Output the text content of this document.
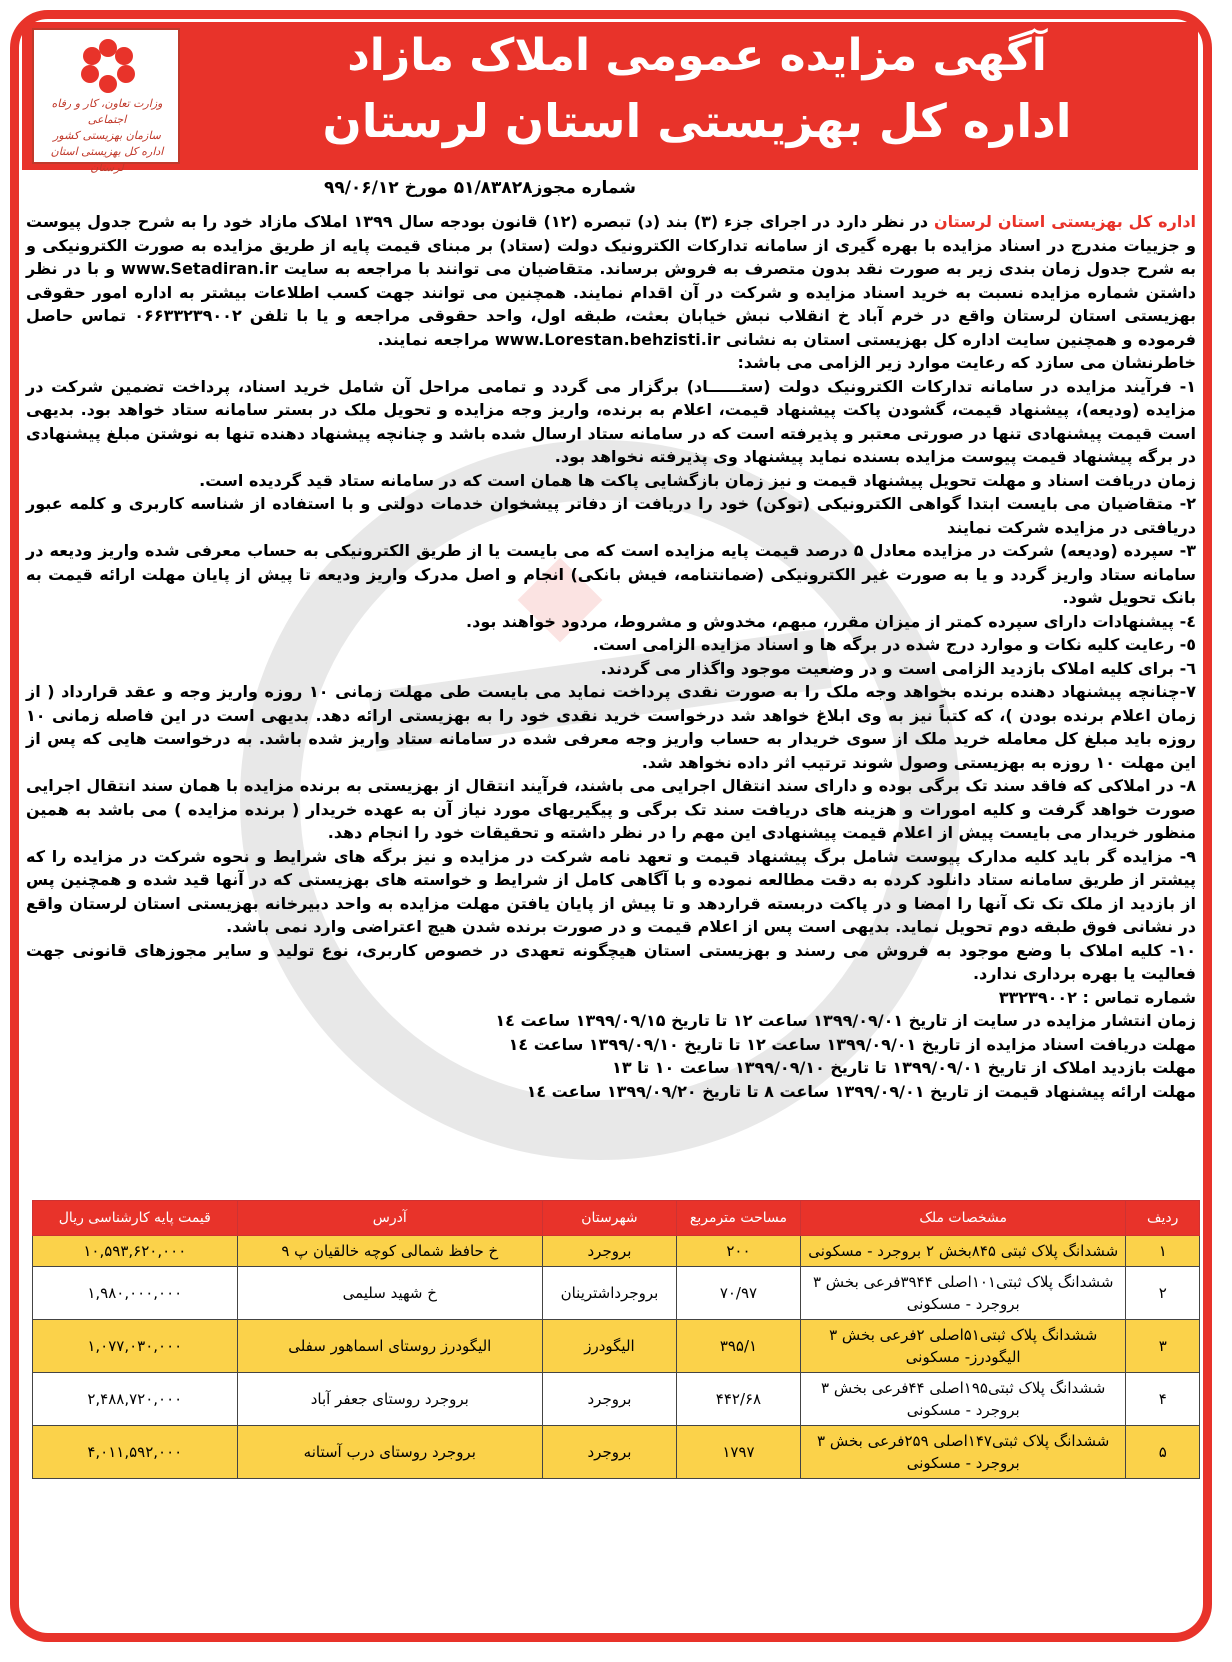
آگهی مزایده عمومی املاک مازاد
اداره کل بهزیستی استان لرستان
وزارت تعاون، کار و رفاه اجتماعی
سازمان بهزیستی کشور
اداره کل بهزیستی استان لرستان
شماره مجوز۵۱/۸۳۸۲۸ مورخ ۹۹/۰۶/۱۲

اداره کل بهزیستی استان لرستان در نظر دارد در اجرای جزء (۳) بند (د) تبصره (۱۲) قانون بودجه سال ۱۳۹۹ املاک مازاد خود را به شرح جدول پیوست و جزییات مندرج در اسناد مزایده با بهره گیری از سامانه تدارکات الکترونیک دولت (ستاد) بر مبنای قیمت پایه از طریق مزایده به صورت الکترونیکی و به شرح جدول زمان بندی زیر به صورت نقد بدون متصرف به فروش برساند. متقاضیان می توانند با مراجعه به سایت www.Setadiran.ir و با در نظر داشتن شماره مزایده نسبت به خرید اسناد مزایده و شرکت در آن اقدام نمایند. همچنین می توانند جهت کسب اطلاعات بیشتر به اداره امور حقوقی بهزیستی استان لرستان واقع در خرم آباد خ انقلاب نبش خیابان بعثت، طبقه اول، واحد حقوقی مراجعه و یا با تلفن ۰۶۶۳۳۲۳۹۰۰۲ تماس حاصل فرموده و همچنین سایت اداره کل بهزیستی استان به نشانی www.Lorestan.behzisti.ir مراجعه نمایند.

خاطرنشان می سازد که رعایت موارد زیر الزامی می باشد:

۱- فرآیند مزایده در سامانه تدارکات الکترونیک دولت (ستــــــاد) برگزار می گردد و تمامی مراحل آن شامل خرید اسناد، پرداخت تضمین شرکت در مزایده (ودیعه)، پیشنهاد قیمت، گشودن پاکت پیشنهاد قیمت، اعلام به برنده، واریز وجه مزایده و تحویل ملک در بستر سامانه ستاد خواهد بود. بدیهی است قیمت پیشنهادی تنها در صورتی معتبر و پذیرفته است که در سامانه ستاد ارسال شده باشد و چنانچه پیشنهاد دهنده تنها به نوشتن مبلغ پیشنهادی در برگه پیشنهاد قیمت پیوست مزایده بسنده نماید پیشنهاد وی پذیرفته نخواهد بود.

زمان دریافت اسناد و مهلت تحویل پیشنهاد قیمت و نیز زمان بازگشایی پاکت ها همان است که در سامانه ستاد قید گردیده است.

۲- متقاضیان می بایست ابتدا گواهی الکترونیکی (توکن) خود را دریافت از دفاتر پیشخوان خدمات دولتی و با استفاده از شناسه کاربری و کلمه عبور دریافتی در مزایده شرکت نمایند

۳- سپرده (ودیعه) شرکت در مزایده معادل ۵ درصد قیمت پایه مزایده است که می بایست یا از طریق الکترونیکی به حساب معرفی شده واریز ودیعه در سامانه ستاد واریز گردد و یا به صورت غیر الکترونیکی (ضمانتنامه، فیش بانکی) انجام و اصل مدرک واریز ودیعه تا پیش از پایان مهلت ارائه قیمت به بانک تحویل شود.

٤- پیشنهادات دارای سپرده کمتر از میزان مقرر، مبهم، مخدوش و مشروط، مردود خواهند بود.

٥- رعایت کلیه نکات و موارد درج شده در برگه ها و اسناد مزایده الزامی است.

٦- برای کلیه املاک بازدید الزامی است و در وضعیت موجود واگذار می گردند.

۷-چنانچه پیشنهاد دهنده برنده بخواهد وجه ملک را به صورت نقدی پرداخت نماید می بایست طی مهلت زمانی ۱۰ روزه واریز وجه و عقد قرارداد ( از زمان اعلام برنده بودن )، که کتباً نیز به وی ابلاغ خواهد شد درخواست خرید نقدی خود را به بهزیستی ارائه دهد. بدیهی است در این فاصله زمانی ۱۰ روزه باید مبلغ کل معامله خرید ملک از سوی خریدار به حساب واریز وجه معرفی شده در سامانه ستاد واریز شده باشد. به درخواست هایی که پس از این مهلت ۱۰ روزه به بهزیستی وصول شوند ترتیب اثر داده نخواهد شد.

۸- در املاکی که فاقد سند تک برگی بوده و دارای سند انتقال اجرایی می باشند، فرآیند انتقال از بهزیستی به برنده مزایده با همان سند انتقال اجرایی صورت خواهد گرفت و کلیه امورات و هزینه های دریافت سند تک برگی و پیگیریهای مورد نیاز آن به عهده خریدار ( برنده مزایده ) می باشد به همین منظور خریدار می بایست پیش از اعلام قیمت پیشنهادی این مهم را در نظر داشته و تحقیقات خود را انجام دهد.

۹- مزایده گر باید کلیه مدارک پیوست شامل برگ پیشنهاد قیمت و تعهد نامه شرکت در مزایده و نیز برگه های شرایط و نحوه شرکت در مزایده را که پیشتر از طریق سامانه ستاد دانلود کرده به دقت مطالعه نموده و با آگاهی کامل از شرایط و خواسته های بهزیستی که در آنها قید شده و همچنین پس از بازدید از ملک تک تک آنها را امضا و در پاکت دربسته قراردهد و تا پیش از پایان یافتن مهلت مزایده به واحد دبیرخانه بهزیستی استان لرستان واقع در نشانی فوق طبقه دوم تحویل نماید. بدیهی است پس از اعلام قیمت و در صورت برنده شدن هیچ اعتراضی وارد نمی باشد.

۱۰- کلیه املاک با وضع موجود به فروش می رسند و بهزیستی استان هیچگونه تعهدی در خصوص کاربری، نوع تولید و سایر مجوزهای قانونی جهت فعالیت یا بهره برداری ندارد.

شماره تماس : ۳۳۲۳۹۰۰۲

زمان انتشار مزایده در سایت از تاریخ ۱۳۹۹/۰۹/۰۱ ساعت ۱۲ تا تاریخ ۱۳۹۹/۰۹/۱۵ ساعت ١٤

مهلت دریافت اسناد مزایده از تاریخ ۱۳۹۹/۰۹/۰۱ ساعت ۱۲ تا تاریخ ۱۳۹۹/۰۹/۱۰ ساعت ١٤

مهلت بازدید املاک از تاریخ ۱۳۹۹/۰۹/۰۱ تا تاریخ ۱۳۹۹/۰۹/۱۰ ساعت ۱۰ تا ۱۳

مهلت ارائه پیشنهاد قیمت از تاریخ ۱۳۹۹/۰۹/۰۱ ساعت ۸ تا تاریخ ۱۳۹۹/۰۹/۲۰ ساعت ١٤

ردیف	مشخصات ملک	مساحت مترمربع	شهرستان	آدرس	قیمت پایه کارشناسی ریال
۱	ششدانگ پلاک ثبتی ۸۴۵بخش ۲ بروجرد - مسکونی	۲۰۰	بروجرد	خ حافظ شمالی کوچه خالقیان پ ۹	۱۰,۵۹۳,۶۲۰,۰۰۰
۲	ششدانگ پلاک ثبتی۱۰۱اصلی ۳۹۴۴فرعی بخش ۳ بروجرد - مسکونی	۷۰/۹۷	بروجرداشترینان	خ شهید سلیمی	۱,۹۸۰,۰۰۰,۰۰۰
۳	ششدانگ پلاک ثبتی۵۱اصلی ۲فرعی بخش ۳ الیگودرز- مسکونی	۳۹۵/۱	الیگودرز	الیگودرز روستای اسماهور سفلی	۱,۰۷۷,۰۳۰,۰۰۰
۴	ششدانگ پلاک ثبتی۱۹۵اصلی ۴۴فرعی بخش ۳ بروجرد - مسکونی	۴۴۲/۶۸	بروجرد	بروجرد روستای جعفر آباد	۲,۴۸۸,۷۲۰,۰۰۰
۵	ششدانگ پلاک ثبتی۱۴۷اصلی ۲۵۹فرعی بخش ۳ بروجرد - مسکونی	۱۷۹۷	بروجرد	بروجرد روستای درب آستانه	۴,۰۱۱,۵۹۲,۰۰۰
